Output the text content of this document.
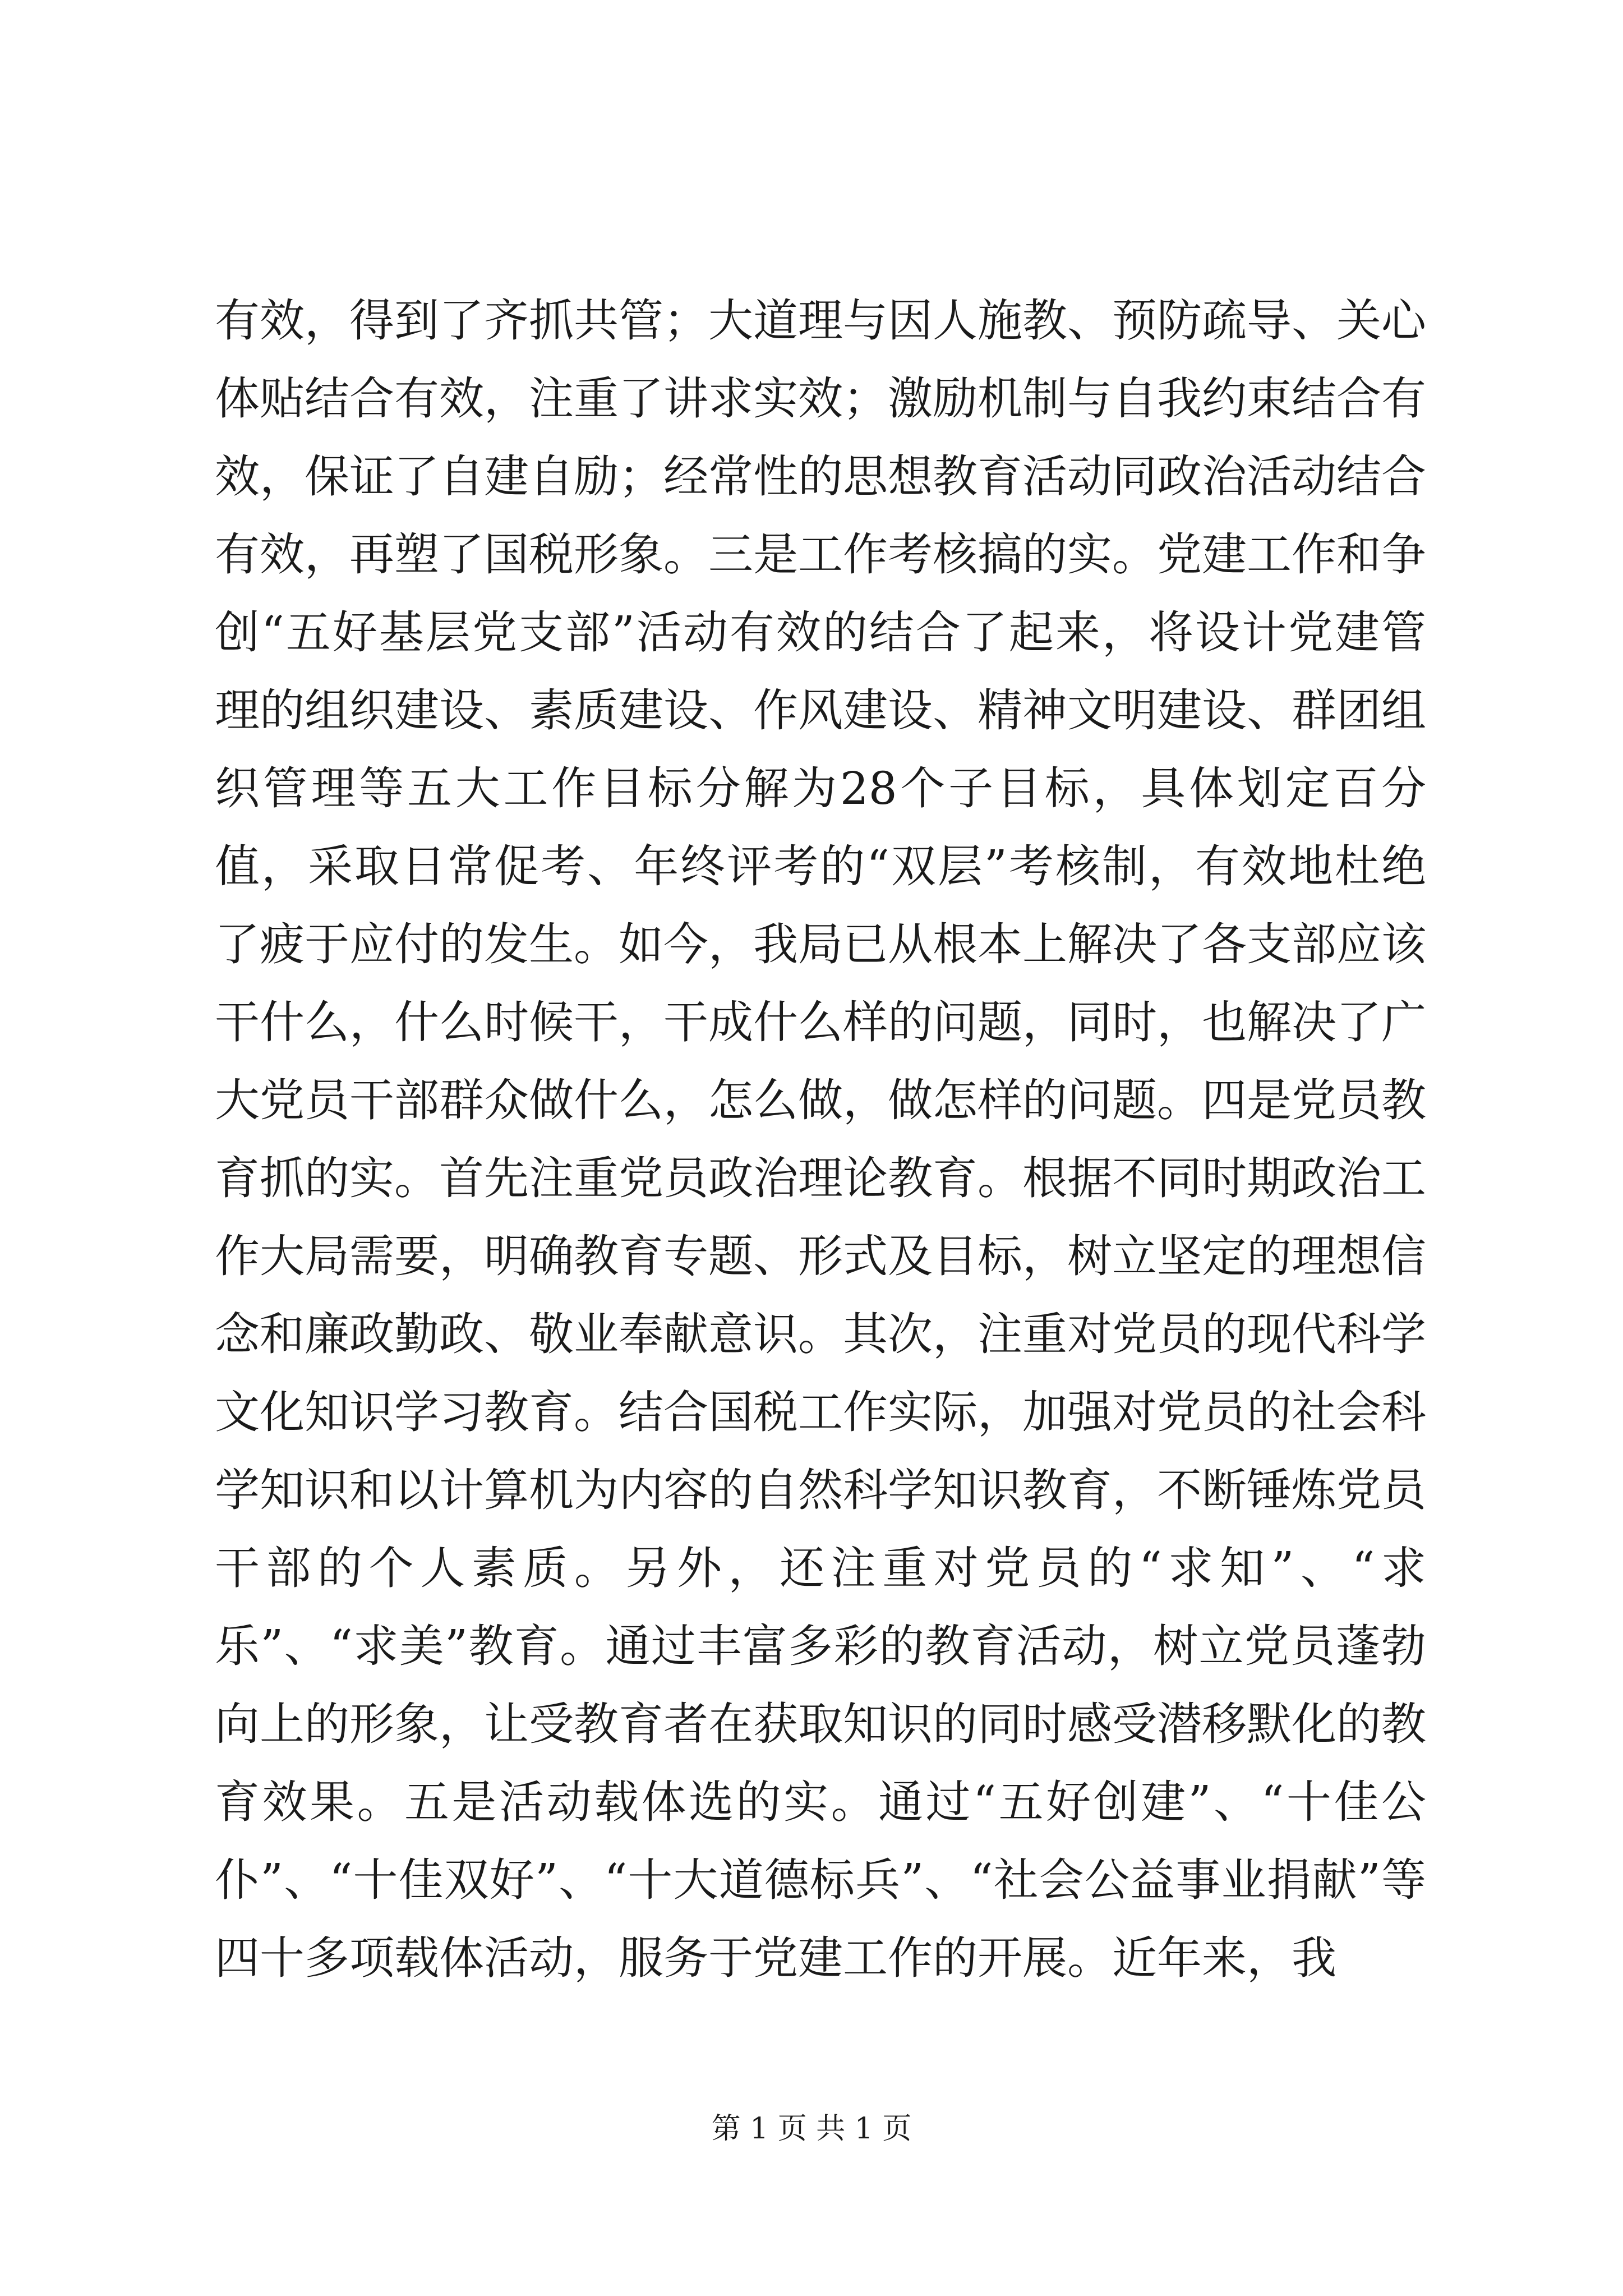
有效，得到了齐抓共管；大道理与因人施教、预防疏导、关心体贴结合有效，注重了讲求实效；激励机制与自我约束结合有效，保证了自建自励；经常性的思想教育活动同政治活动结合有效，再塑了国税形象。三是工作考核搞的实。党建工作和争创“五好基层党支部”活动有效的结合了起来，将设计党建管理的组织建设、素质建设、作风建设、精神文明建设、群团组织管理等五大工作目标分解为28个子目标，具体划定百分值，采取日常促考、年终评考的“双层”考核制，有效地杜绝了疲于应付的发生。如今，我局已从根本上解决了各支部应该干什么，什么时候干，干成什么样的问题，同时，也解决了广大党员干部群众做什么，怎么做，做怎样的问题。四是党员教育抓的实。首先注重党员政治理论教育。根据不同时期政治工作大局需要，明确教育专题、形式及目标，树立坚定的理想信念和廉政勤政、敬业奉献意识。其次，注重对党员的现代科学文化知识学习教育。结合国税工作实际，加强对党员的社会科学知识和以计算机为内容的自然科学知识教育，不断锤炼党员干部的个人素质。另外，还注重对党员的“求知”、“求乐”、“求美”教育。通过丰富多彩的教育活动，树立党员蓬勃向上的形象，让受教育者在获取知识的同时感受潜移默化的教育效果。五是活动载体选的实。通过“五好创建”、“十佳公仆”、“十佳双好”、“十大道德标兵”、“社会公益事业捐献”等四十多项载体活动，服务于党建工作的开展。近年来，我

第 1 页 共 1 页
